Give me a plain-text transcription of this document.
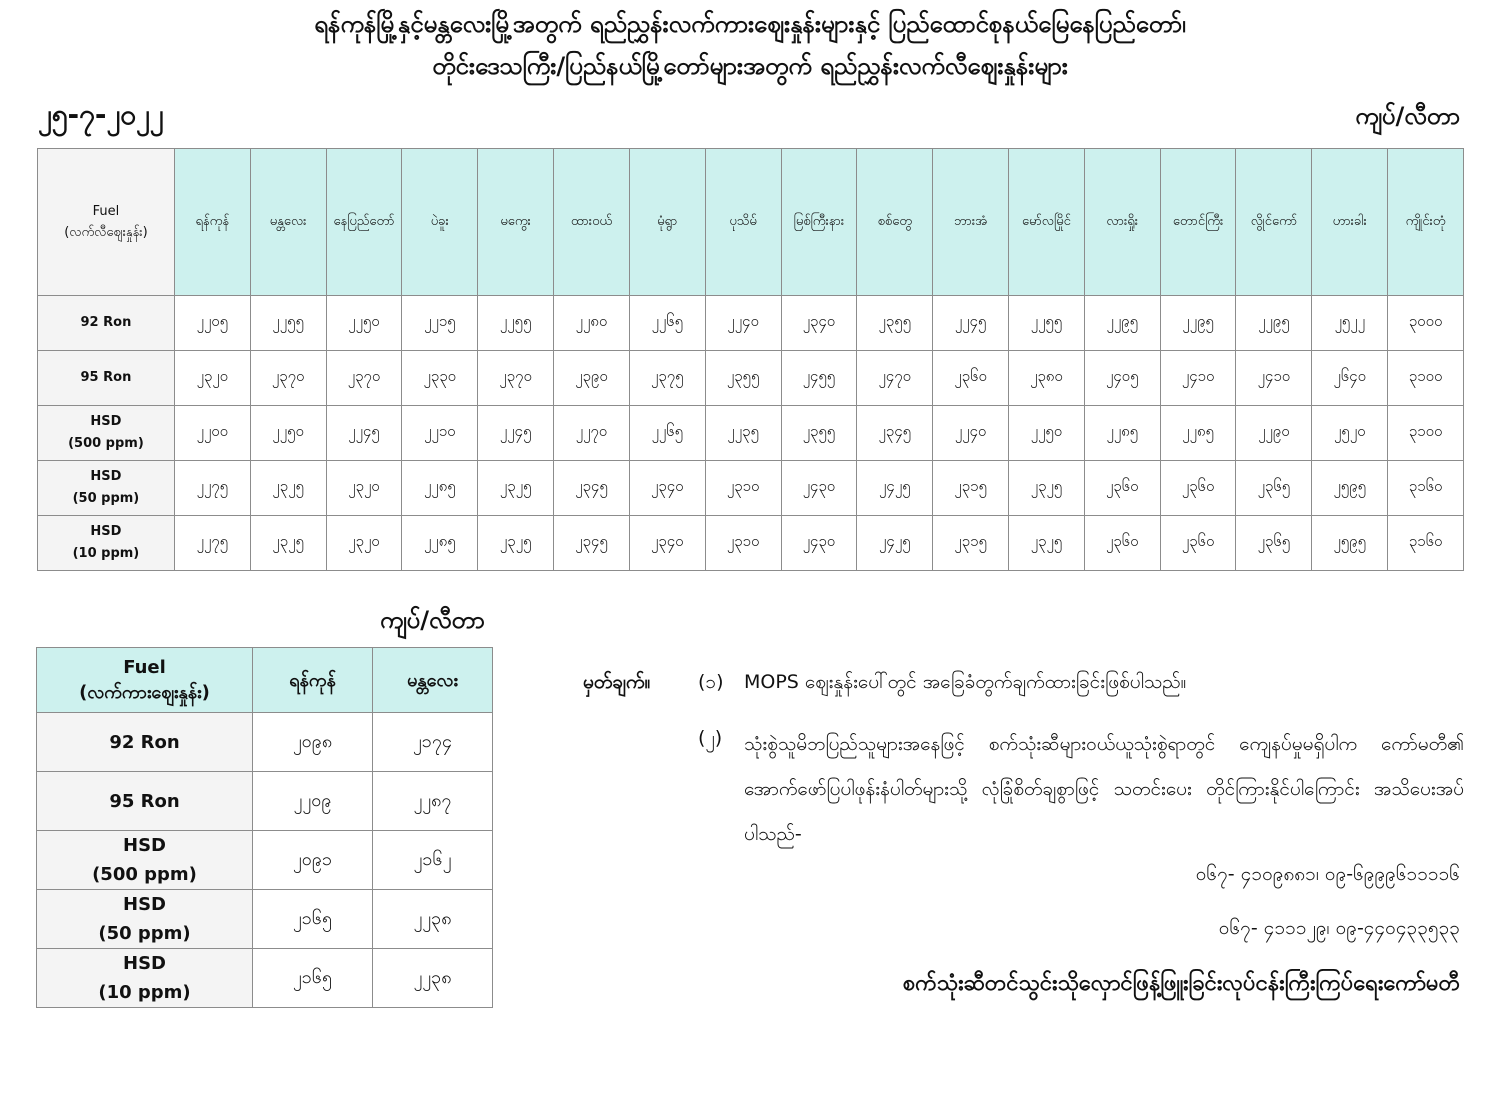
ရန်ကုန်မြို့နှင့်မန္တလေးမြို့အတွက် ရည်ညွှန်းလက်ကားဈေးနှုန်းများနှင့် ပြည်ထောင်စုနယ်မြေနေပြည်တော်၊
တိုင်းဒေသကြီး/ပြည်နယ်မြို့တော်များအတွက် ရည်ညွှန်းလက်လီဈေးနှုန်းများ
၂၅-၇-၂၀၂၂	ကျပ်/လီတာ
Fuel
(လက်လီဈေးနှုန်း)	ရန်ကုန်	မန္တလေး	နေပြည်တော်	ပဲခူး	မကွေး	ထားဝယ်	မုံရွာ	ပုသိမ်	မြစ်ကြီးနား	စစ်တွေ	ဘားအံ	မော်လမြိုင်	လားရှိုး	တောင်ကြီး	လွိုင်ကော်	ဟားခါး	ကျိုင်းတုံ

92 Ron	၂၂၀၅	၂၂၅၅	၂၂၅၀	၂၂၁၅	၂၂၅၅	၂၂၈၀	၂၂၆၅	၂၂၄၀	၂၃၄၀	၂၃၅၅	၂၂၄၅	၂၂၅၅	၂၂၉၅	၂၂၉၅	၂၂၉၅	၂၅၂၂	၃၀၀၀

95 Ron	၂၃၂၀	၂၃၇၀	၂၃၇၀	၂၃၃၀	၂၃၇၀	၂၃၉၀	၂၃၇၅	၂၃၅၅	၂၄၅၅	၂၄၇၀	၂၃၆၀	၂၃၈၀	၂၄၀၅	၂၄၁၀	၂၄၁၀	၂၆၄၀	၃၁၀၀

HSD
(500 ppm)	၂၂၀၀	၂၂၅၀	၂၂၄၅	၂၂၁၀	၂၂၄၅	၂၂၇၀	၂၂၆၅	၂၂၃၅	၂၃၅၅	၂၃၄၅	၂၂၄၀	၂၂၅၀	၂၂၈၅	၂၂၈၅	၂၂၉၀	၂၅၂၀	၃၁၀၀

HSD
(50 ppm)	၂၂၇၅	၂၃၂၅	၂၃၂၀	၂၂၈၅	၂၃၂၅	၂၃၄၅	၂၃၄၀	၂၃၁၀	၂၄၃၀	၂၄၂၅	၂၃၁၅	၂၃၂၅	၂၃၆၀	၂၃၆၀	၂၃၆၅	၂၅၉၅	၃၁၆၀

HSD
(10 ppm)	၂၂၇၅	၂၃၂၅	၂၃၂၀	၂၂၈၅	၂၃၂၅	၂၃၄၅	၂၃၄၀	၂၃၁၀	၂၄၃၀	၂၄၂၅	၂၃၁၅	၂၃၂၅	၂၃၆၀	၂၃၆၀	၂၃၆၅	၂၅၉၅	၃၁၆၀
ကျပ်/လီတာ
Fuel
(လက်ကားဈေးနှုန်း)	ရန်ကုန်	မန္တလေး

92 Ron	၂၀၉၈	၂၁၇၄

95 Ron	၂၂၀၉	၂၂၈၇

HSD
(500 ppm)	၂၀၉၁	၂၁၆၂

HSD
(50 ppm)	၂၁၆၅	၂၂၃၈

HSD
(10 ppm)	၂၁၆၅	၂၂၃၈
မှတ်ချက်။	(၁) MOPS ဈေးနှုန်းပေါ်တွင် အခြေခံတွက်ချက်ထားခြင်းဖြစ်ပါသည်။
(၂) သုံးစွဲသူမိဘပြည်သူများအနေဖြင့် စက်သုံးဆီများဝယ်ယူသုံးစွဲရာတွင် ကျေနပ်မှုမရှိပါက ကော်မတီ၏ အောက်ဖော်ပြပါဖုန်းနံပါတ်များသို့ လုံခြုံစိတ်ချစွာဖြင့် သတင်းပေး တိုင်ကြားနိုင်ပါကြောင်း အသိပေးအပ်ပါသည်-
၀၆၇- ၄၁၀၉၈၈၁၊ ၀၉-၆၉၉၉၆၁၁၁၁၆
၀၆၇- ၄၁၁၁၂၉၊ ၀၉-၄၄၀၄၃၃၅၃၃
စက်သုံးဆီတင်သွင်းသိုလှောင်ဖြန့်ဖြူးခြင်းလုပ်ငန်းကြီးကြပ်ရေးကော်မတီ
